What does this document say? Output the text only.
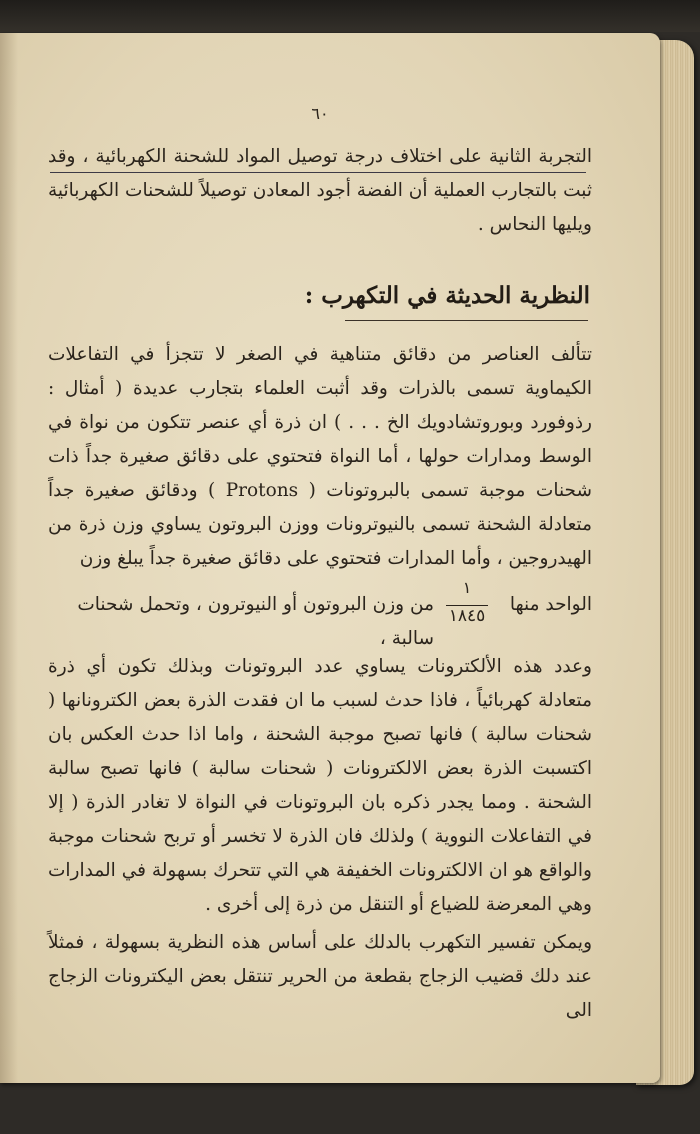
٦٠

التجربة الثانية على اختلاف درجة توصيل المواد للشحنة الكهربائية ، وقد ثبت بالتجارب العملية أن الفضة أجود المعادن توصيلاً للشحنات الكهربائية ويليها النحاس .

النظرية الحديثة في التكهرب :

تتألف العناصر من دقائق متناهية في الصغر لا تتجزأ في التفاعلات الكيماوية تسمى بالذرات وقد أثبت العلماء بتجارب عديدة ( أمثال : رذوفورد وبوروتشادويك الخ . . . ) ان ذرة أي عنصر تتكون من نواة في الوسط ومدارات حولها ، أما النواة فتحتوي على دقائق صغيرة جداً ذات شحنات موجبة تسمى بالبروتونات ( Protons ) ودقائق صغيرة جداً متعادلة الشحنة تسمى بالنيوترونات ووزن البروتون يساوي وزن ذرة من الهيدروجين ، وأما المدارات فتحتوي على دقائق صغيرة جداً يبلغ وزن

الواحد منها

١

١٨٤٥

من وزن البروتون أو النيوترون ، وتحمل شحنات سالبة ،

وعدد هذه الألكترونات يساوي عدد البروتونات وبذلك تكون أي ذرة متعادلة كهربائياً ، فاذا حدث لسبب ما ان فقدت الذرة بعض الكترونانها ( شحنات سالبة ) فانها تصبح موجبة الشحنة ، واما اذا حدث العكس بان اكتسبت الذرة بعض الالكترونات ( شحنات سالبة ) فانها تصبح سالبة الشحنة . ومما يجدر ذكره بان البروتونات في النواة لا تغادر الذرة ( إلا في التفاعلات النووية ) ولذلك فان الذرة لا تخسر أو تربح شحنات موجبة والواقع هو ان الالكترونات الخفيفة هي التي تتحرك بسهولة في المدارات وهي المعرضة للضياع أو التنقل من ذرة إلى أخرى .

ويمكن تفسير التكهرب بالدلك على أساس هذه النظرية بسهولة ، فمثلاً عند دلك قضيب الزجاج بقطعة من الحرير تنتقل بعض اليكترونات الزجاج الى
